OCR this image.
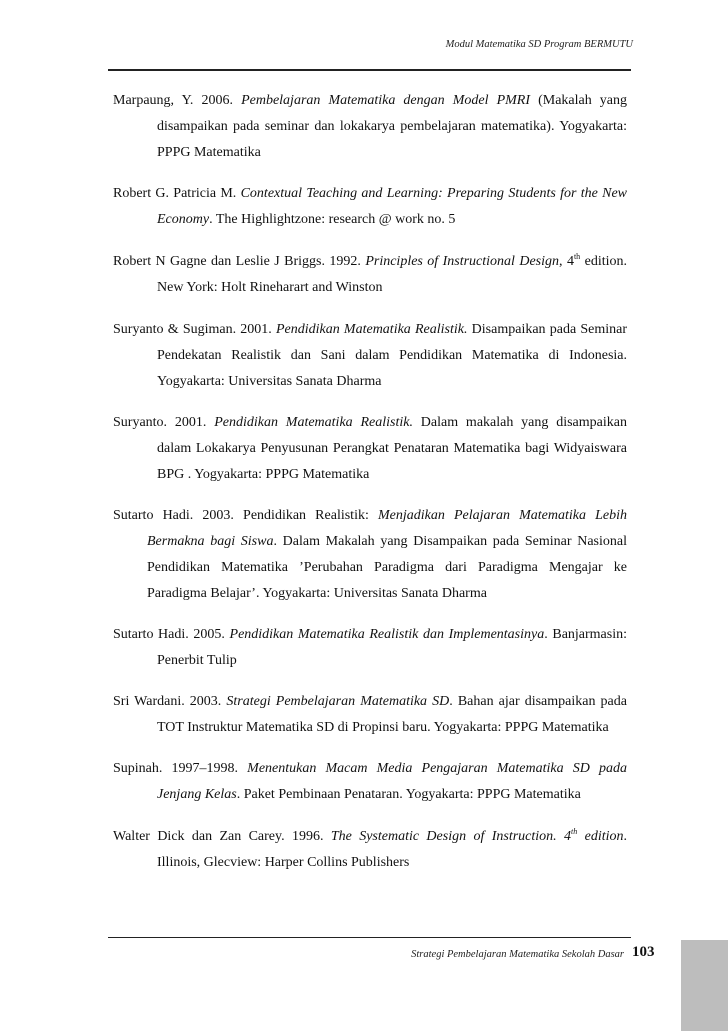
Modul Matematika SD Program BERMUTU

Marpaung, Y. 2006. Pembelajaran Matematika dengan Model PMRI (Makalah yang disampaikan pada seminar dan lokakarya pembelajaran matematika). Yogyakarta: PPPG Matematika

Robert G. Patricia M. Contextual Teaching and Learning: Preparing Students for the New Economy. The Highlightzone: research @ work no. 5

Robert N Gagne dan Leslie J Briggs. 1992. Principles of Instructional Design, 4th edition. New York: Holt Rineharart and Winston

Suryanto & Sugiman. 2001. Pendidikan Matematika Realistik. Disampaikan pada Seminar Pendekatan Realistik dan Sani dalam Pendidikan Matematika di Indonesia. Yogyakarta: Universitas Sanata Dharma

Suryanto. 2001. Pendidikan Matematika Realistik. Dalam makalah yang disampaikan dalam Lokakarya Penyusunan Perangkat Penataran Matematika bagi Widyaiswara BPG . Yogyakarta: PPPG Matematika

Sutarto Hadi. 2003. Pendidikan Realistik: Menjadikan Pelajaran Matematika Lebih Bermakna bagi Siswa. Dalam Makalah yang Disampaikan pada Seminar Nasional Pendidikan Matematika ’Perubahan Paradigma dari Paradigma Mengajar ke Paradigma Belajar’. Yogyakarta: Universitas Sanata Dharma

Sutarto Hadi. 2005. Pendidikan Matematika Realistik dan Implementasinya. Banjarmasin: Penerbit Tulip

Sri Wardani. 2003. Strategi Pembelajaran Matematika SD. Bahan ajar disampaikan pada TOT Instruktur Matematika SD di Propinsi baru. Yogyakarta: PPPG Matematika

Supinah. 1997–1998. Menentukan Macam Media Pengajaran Matematika SD pada Jenjang Kelas. Paket Pembinaan Penataran. Yogyakarta: PPPG Matematika

Walter Dick dan Zan Carey. 1996. The Systematic Design of Instruction. 4th edition. Illinois, Glecview: Harper Collins Publishers

Strategi Pembelajaran Matematika Sekolah Dasar 103
